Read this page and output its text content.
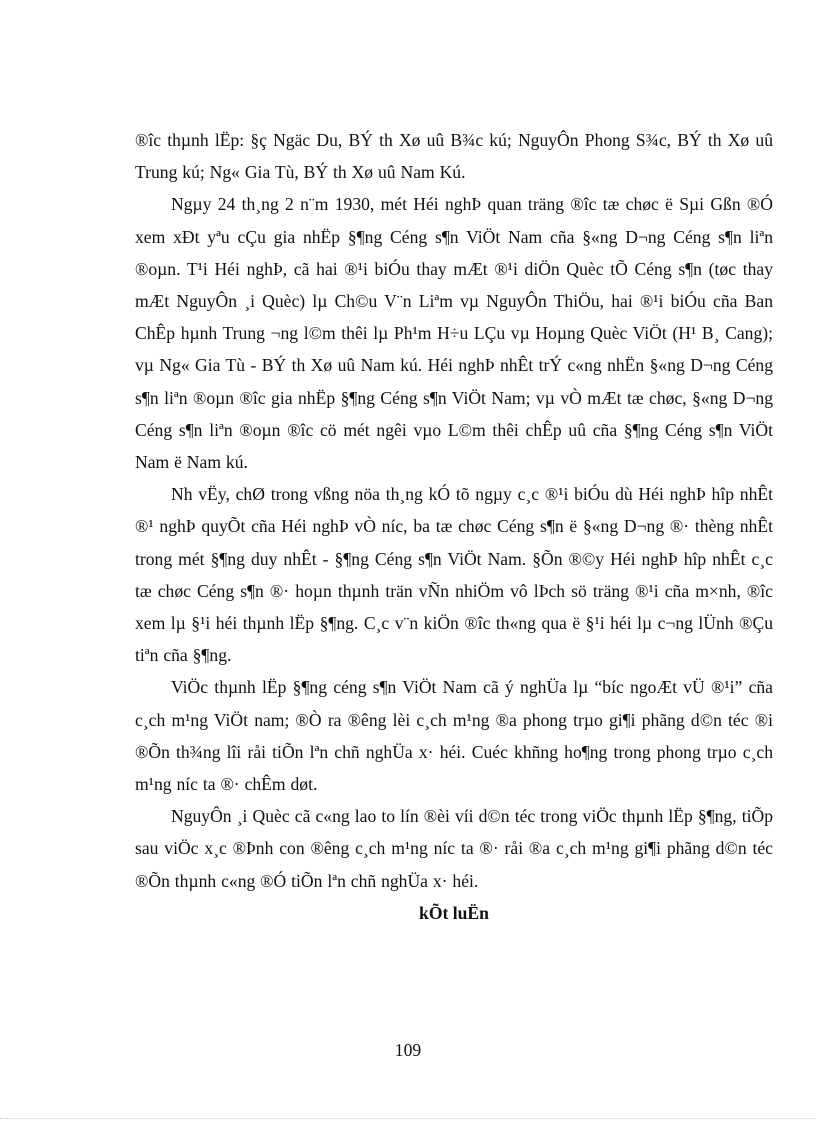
®îc thµnh lËp: §ç Ngäc Du, BÝ th Xø uû B¾c kú; NguyÔn Phong S¾c, BÝ th Xø uû Trung kú; Ng« Gia Tù, BÝ th Xø uû Nam Kú.

Ngµy 24 th¸ng 2 n¨m 1930, mét Héi nghÞ quan träng ®îc tæ chøc ë Sµi Gßn ®Ó xem xÐt yªu cÇu gia nhËp §¶ng Céng s¶n ViÖt Nam cña §«ng D¬ng Céng s¶n liªn ®oµn. T¹i Héi nghÞ, cã hai ®¹i biÓu thay mÆt ®¹i diÖn Quèc tÕ Céng s¶n (tøc thay mÆt NguyÔn ¸i Quèc) lµ Ch©u V¨n Liªm vµ NguyÔn ThiÖu, hai ®¹i biÓu cña Ban ChÊp hµnh Trung ¬ng l©m thêi lµ Ph¹m H÷u LÇu vµ Hoµng Quèc ViÖt (H¹ B¸ Cang); vµ Ng« Gia Tù - BÝ th Xø uû Nam kú. Héi nghÞ nhÊt trÝ c«ng nhËn §«ng D¬ng Céng s¶n liªn ®oµn ®îc gia nhËp §¶ng Céng s¶n ViÖt Nam; vµ vÒ mÆt tæ chøc, §«ng D¬ng Céng s¶n liªn ®oµn ®îc cö mét ngêi vµo L©m thêi chÊp uû cña §¶ng Céng s¶n ViÖt Nam ë Nam kú.

Nh vËy, chØ trong vßng nöa th¸ng kÓ tõ ngµy c¸c ®¹i biÓu dù Héi nghÞ hîp nhÊt ®¹ nghÞ quyÕt cña Héi nghÞ vÒ níc, ba tæ chøc Céng s¶n ë §«ng D¬ng ®· thèng nhÊt trong mét §¶ng duy nhÊt - §¶ng Céng s¶n ViÖt Nam. §Õn ®©y Héi nghÞ hîp nhÊt c¸c tæ chøc Céng s¶n ®· hoµn thµnh trän vÑn nhiÖm vô lÞch sö träng ®¹i cña m×nh, ®îc xem lµ §¹i héi thµnh lËp §¶ng. C¸c v¨n kiÖn ®îc th«ng qua ë §¹i héi lµ c¬ng lÜnh ®Çu tiªn cña §¶ng.

ViÖc thµnh lËp §¶ng céng s¶n ViÖt Nam cã ý nghÜa lµ “bíc ngoÆt vÜ ®¹i” cña c¸ch m¹ng ViÖt nam; ®Ò ra ®êng lèi c¸ch m¹ng ®a phong trµo gi¶i phãng d©n téc ®i ®Õn th¾ng lîi råi tiÕn lªn chñ nghÜa x· héi. Cuéc khñng ho¶ng trong phong trµo c¸ch m¹ng níc ta ®· chÊm døt.

NguyÔn ¸i Quèc cã c«ng lao to lín ®èi víi d©n téc trong viÖc thµnh lËp §¶ng, tiÕp sau viÖc x¸c ®Þnh con ®êng c¸ch m¹ng níc ta ®· råi ®a c¸ch m¹ng gi¶i phãng d©n téc ®Õn thµnh c«ng ®Ó tiÕn lªn chñ nghÜa x· héi.

kÕt luËn
109
